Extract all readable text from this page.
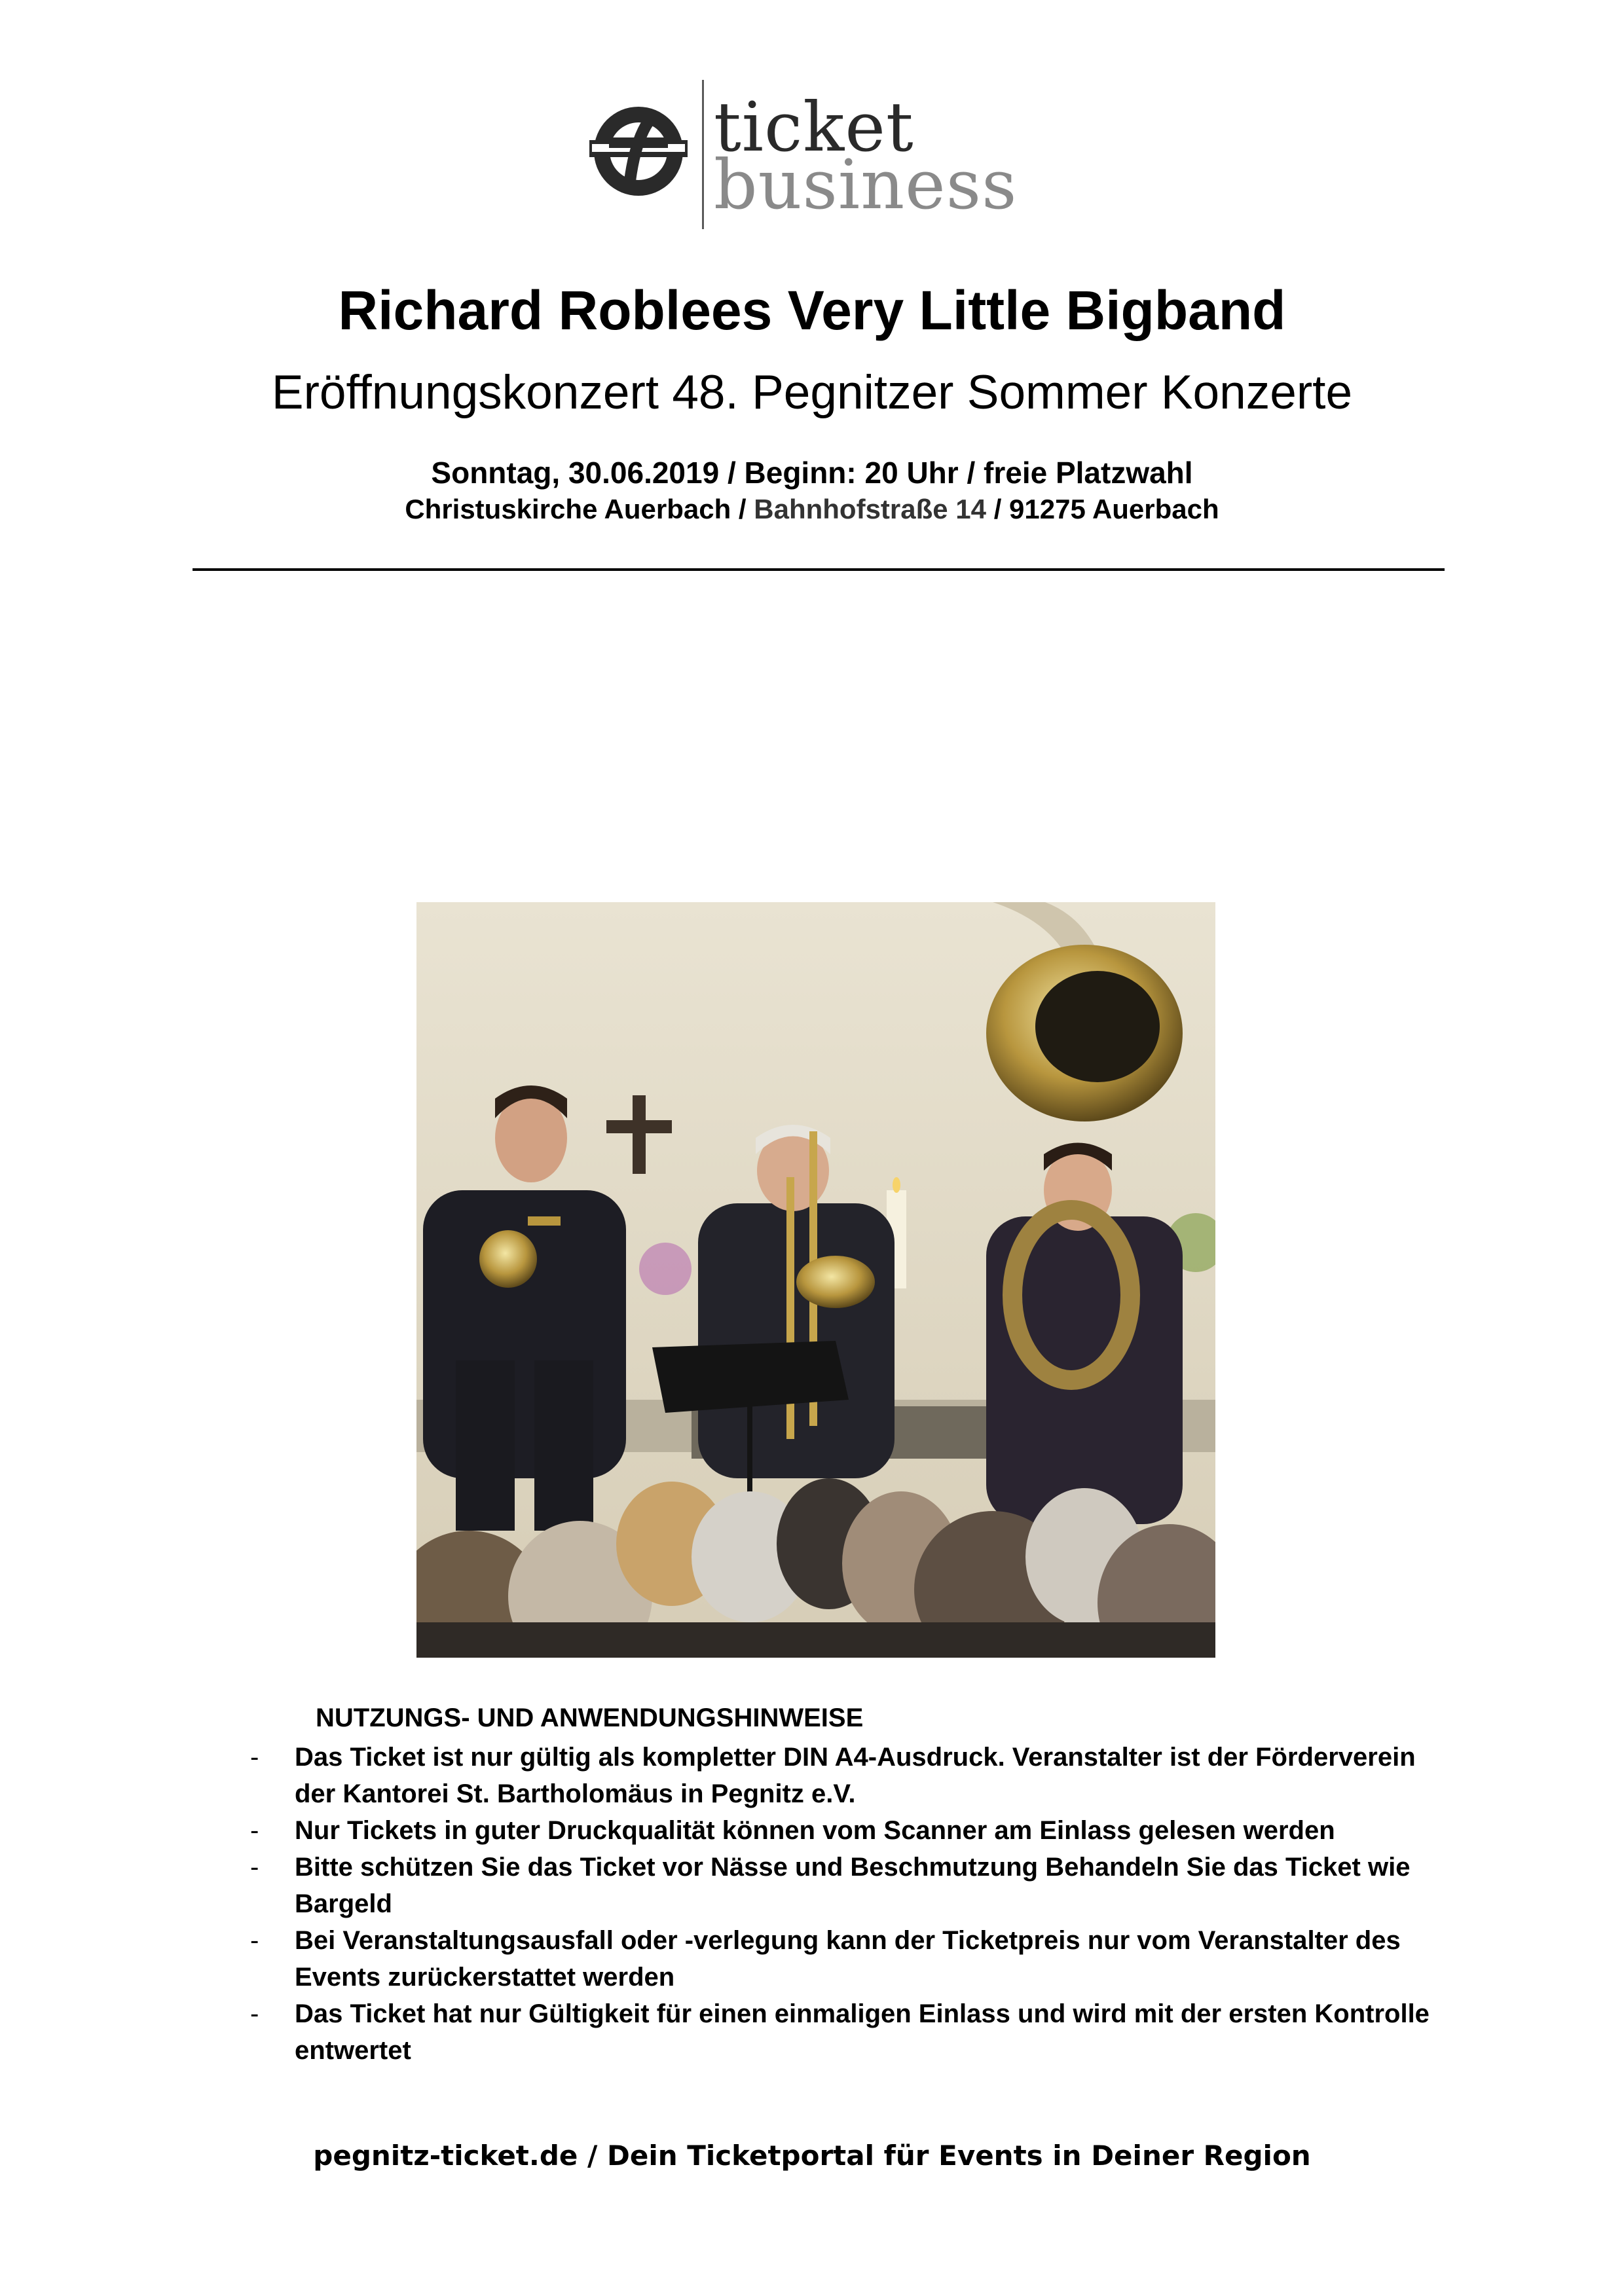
ticket
business
Richard Roblees Very Little Bigband
Eröffnungskonzert 48. Pegnitzer Sommer Konzerte
Sonntag, 30.06.2019 / Beginn: 20 Uhr / freie Platzwahl
Christuskirche Auerbach / Bahnhofstraße 14 / 91275 Auerbach
NUTZUNGS- UND ANWENDUNGSHINWEISE
- Das Ticket ist nur gültig als kompletter DIN A4-Ausdruck. Veranstalter ist der Förderverein der Kantorei St. Bartholomäus in Pegnitz e.V.
- Nur Tickets in guter Druckqualität können vom Scanner am Einlass gelesen werden
- Bitte schützen Sie das Ticket vor Nässe und Beschmutzung Behandeln Sie das Ticket wie Bargeld
- Bei Veranstaltungsausfall oder -verlegung kann der Ticketpreis nur vom Veranstalter des Events zurückerstattet werden
- Das Ticket hat nur Gültigkeit für einen einmaligen Einlass und wird mit der ersten Kontrolle entwertet
pegnitz-ticket.de / Dein Ticketportal für Events in Deiner Region
